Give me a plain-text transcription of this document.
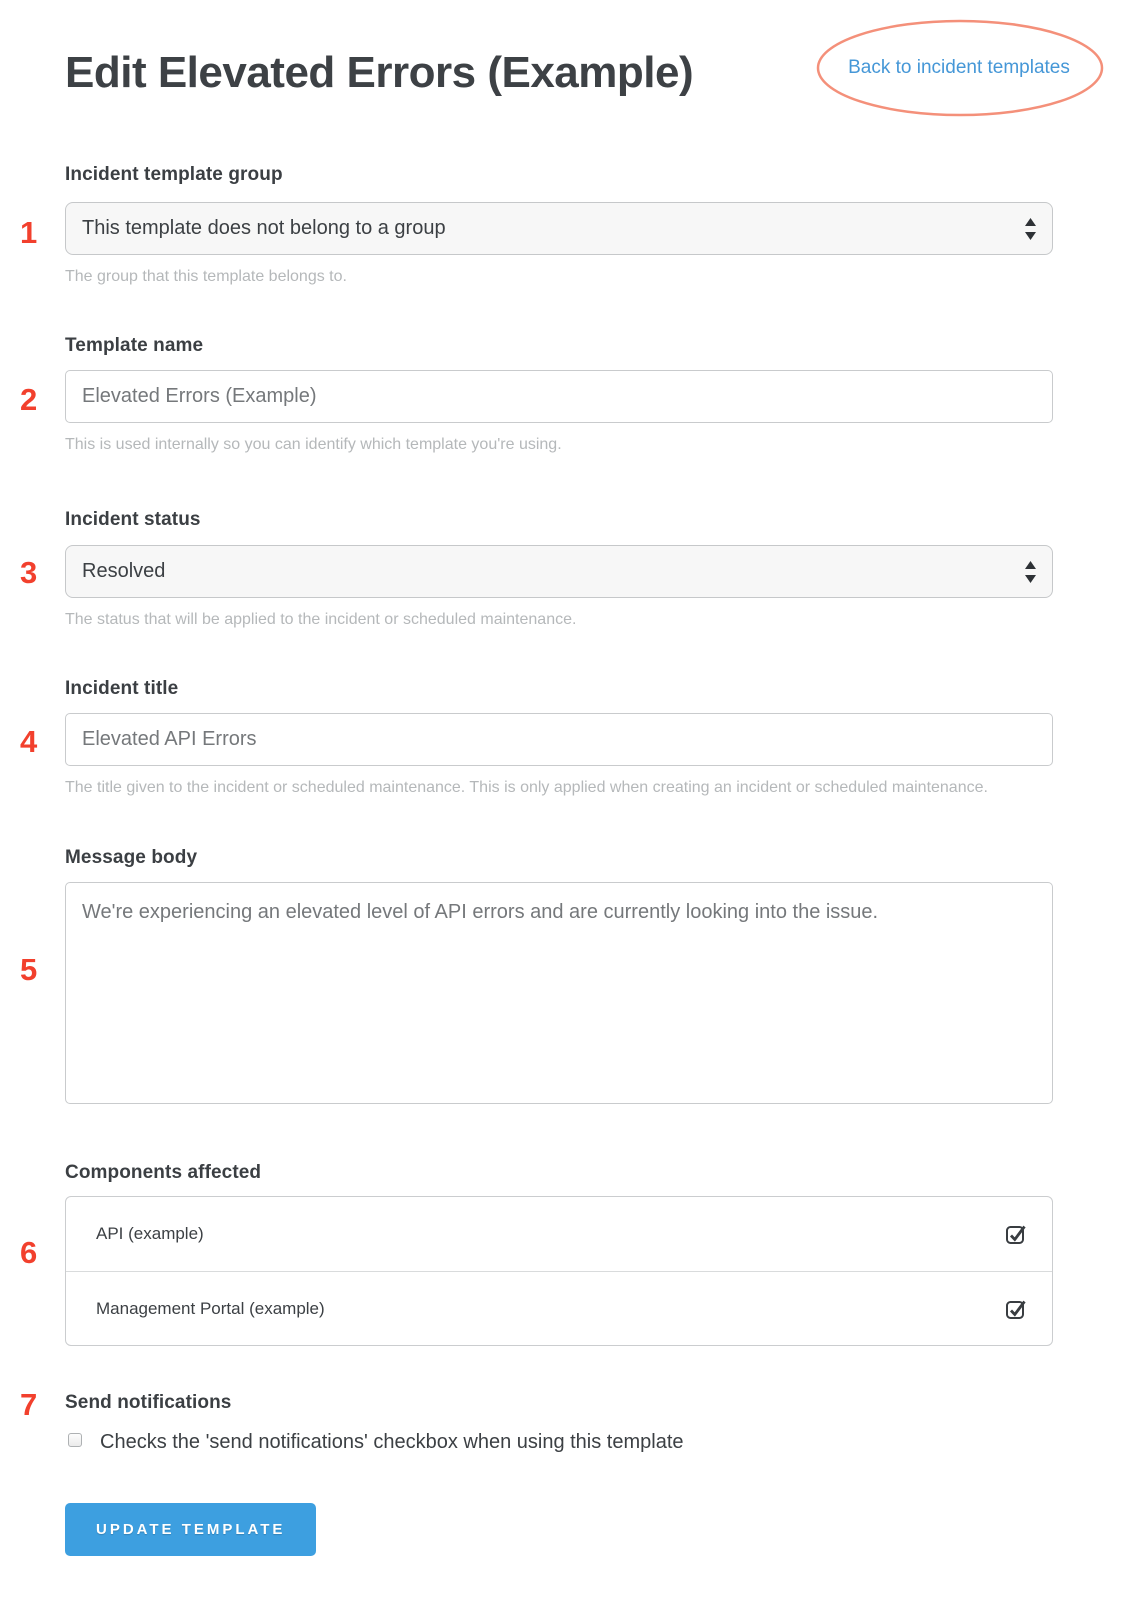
Back to incident templates
1
2
3
4
5
6
7
Edit Elevated Errors (Example)
Incident template group
This template does not belong to a group
The group that this template belongs to.
Template name
Elevated Errors (Example)
This is used internally so you can identify which template you're using.
Incident status
Resolved
The status that will be applied to the incident or scheduled maintenance.
Incident title
Elevated API Errors
The title given to the incident or scheduled maintenance. This is only applied when creating an incident or scheduled maintenance.
Message body
We're experiencing an elevated level of API errors and are currently looking into the issue.
Components affected
API (example)
Management Portal (example)
Send notifications
Checks the 'send notifications' checkbox when using this template
UPDATE TEMPLATE
